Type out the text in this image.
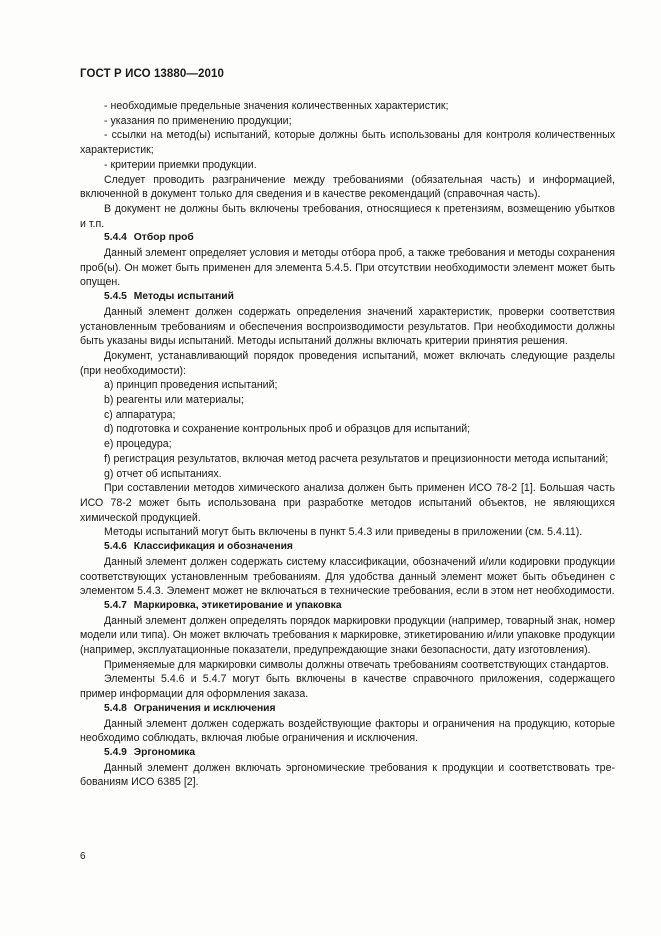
ГОСТ Р ИСО 13880—2010

- необходимые предельные значения количественных характеристик;

- указания по применению продукции;

- ссылки на метод(ы) испытаний, которые должны быть использованы для контроля количественных характеристик;

- критерии приемки продукции.

Следует проводить разграничение между требованиями (обязательная часть) и информацией, включенной в документ только для сведения и в качестве рекомендаций (справочная часть).

В документ не должны быть включены требования, относящиеся к претензиям, возмещению убытков и т.п.

5.4.4 Отбор проб

Данный элемент определяет условия и методы отбора проб, а также требования и методы сохранения проб(ы). Он может быть применен для элемента 5.4.5. При отсутствии необходимости элемент может быть опущен.

5.4.5 Методы испытаний

Данный элемент должен содержать определения значений характеристик, проверки соответствия установленным требованиям и обеспечения воспроизводимости результатов. При необходимости должны быть указаны виды испытаний. Методы испытаний должны включать критерии принятия решения.

Документ, устанавливающий порядок проведения испытаний, может включать следующие разделы (при необходимости):

a) принцип проведения испытаний;

b) реагенты или материалы;

c) аппаратура;

d) подготовка и сохранение контрольных проб и образцов для испытаний;

e) процедура;

f) регистрация результатов, включая метод расчета результатов и прецизионности метода испытаний;

g) отчет об испытаниях.

При составлении методов химического анализа должен быть применен ИСО 78-2 [1]. Большая часть ИСО 78-2 может быть использована при разработке методов испытаний объектов, не являющихся химической продукцией.

Методы испытаний могут быть включены в пункт 5.4.3 или приведены в приложении (см. 5.4.11).

5.4.6 Классификация и обозначения

Данный элемент должен содержать систему классификации, обозначений и/или кодировки продукции соответствующих установленным требованиям. Для удобства данный элемент может быть объединен с элементом 5.4.3. Элемент может не включаться в технические требования, если в этом нет необходимости.

5.4.7 Маркировка, этикетирование и упаковка

Данный элемент должен определять порядок маркировки продукции (например, товарный знак, номер модели или типа). Он может включать требования к маркировке, этикетированию и/или упаковке продукции (например, эксплуатационные показатели, предупреждающие знаки безопасности, дату изготовления).

Применяемые для маркировки символы должны отвечать требованиям соответствующих стандартов.

Элементы 5.4.6 и 5.4.7 могут быть включены в качестве справочного приложения, содержащего пример информации для оформления заказа.

5.4.8 Ограничения и исключения

Данный элемент должен содержать воздействующие факторы и ограничения на продукцию, которые необходимо соблюдать, включая любые ограничения и исключения.

5.4.9 Эргономика

Данный элемент должен включать эргономические требования к продукции и соответствовать требованиям ИСО 6385 [2].

6
